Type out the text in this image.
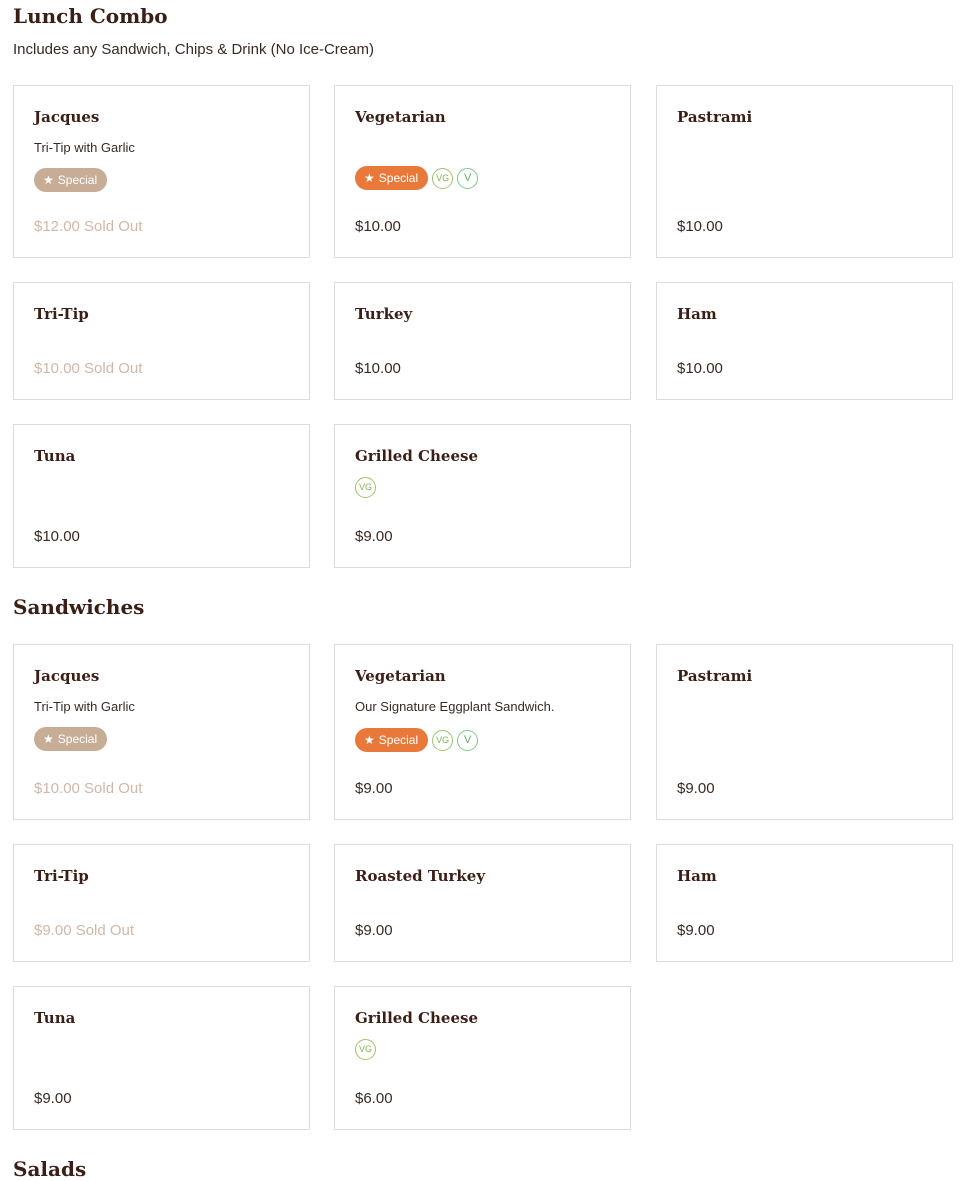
Lunch Combo

Includes any Sandwich, Chips & Drink (No Ice-Cream)

Jacques
Tri-Tip with Garlic
★ Special
$12.00 Sold Out
Vegetarian
★ Special	VG	V
$10.00
Pastrami
$10.00
Tri-Tip
$10.00 Sold Out
Turkey
$10.00
Ham
$10.00
Tuna
$10.00
Grilled Cheese
VG
$9.00
Sandwiches
Jacques
Tri-Tip with Garlic
★ Special
$10.00 Sold Out
Vegetarian
Our Signature Eggplant Sandwich.
★ Special	VG	V
$9.00
Pastrami
$9.00
Tri-Tip
$9.00 Sold Out
Roasted Turkey
$9.00
Ham
$9.00
Tuna
$9.00
Grilled Cheese
VG
$6.00
Salads
